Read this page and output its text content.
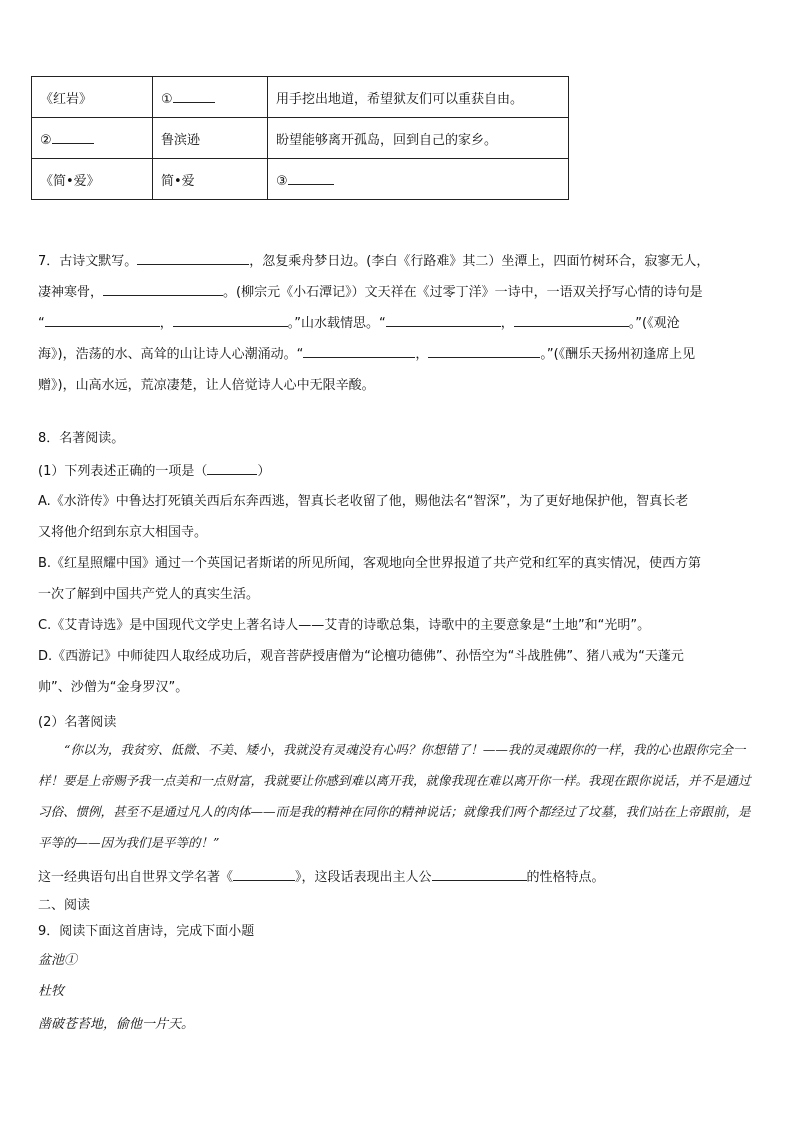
《红岩》	①	用手挖出地道，希望狱友们可以重获自由。
②	鲁滨逊	盼望能够离开孤岛，回到自己的家乡。
《简•爱》	简•爱	③
7．古诗文默写。	，忽复乘舟梦日边。(李白《行路难》其二）坐潭上，四面竹树环合，寂寥无人，
凄神寒骨，	。(柳宗元《小石潭记》）文天祥在《过零丁洋》一诗中，一语双关抒写心情的诗句是
“	，	。”山水载情思。“	，	。”(《观沧
海》)，浩荡的水、高耸的山让诗人心潮涌动。“	，	。”(《酬乐天扬州初逢席上见
赠》)，山高水远，荒凉凄楚，让人倍觉诗人心中无限辛酸。
8．名著阅读。
(1）下列表述正确的一项是（	）
A.《水浒传》中鲁达打死镇关西后东奔西逃，智真长老收留了他，赐他法名“智深”，为了更好地保护他，智真长老
又将他介绍到东京大相国寺。
B.《红星照耀中国》通过一个英国记者斯诺的所见所闻，客观地向全世界报道了共产党和红军的真实情况，使西方第
一次了解到中国共产党人的真实生活。
C.《艾青诗选》是中国现代文学史上著名诗人——艾青的诗歌总集，诗歌中的主要意象是“土地”和“光明”。
D.《西游记》中师徒四人取经成功后，观音菩萨授唐僧为“论檀功德佛”、孙悟空为“斗战胜佛”、猪八戒为“天蓬元
帅”、沙僧为“金身罗汉”。
(2）名著阅读
“你以为，我贫穷、低微、不美、矮小，我就没有灵魂没有心吗？你想错了！——我的灵魂跟你的一样，我的心也跟你完全一样！要是上帝赐予我一点美和一点财富，我就要让你感到难以离开我，就像我现在难以离开你一样。我现在跟你说话，并不是通过习俗、惯例，甚至不是通过凡人的肉体——而是我的精神在同你的精神说话；就像我们两个都经过了坟墓，我们站在上帝跟前，是平等的——因为我们是平等的！”
这一经典语句出自世界文学名著《	》，这段话表现出主人公	的性格特点。
二、阅读
9．阅读下面这首唐诗，完成下面小题
盆池①
杜牧
凿破苍苔地，偷他一片天。
